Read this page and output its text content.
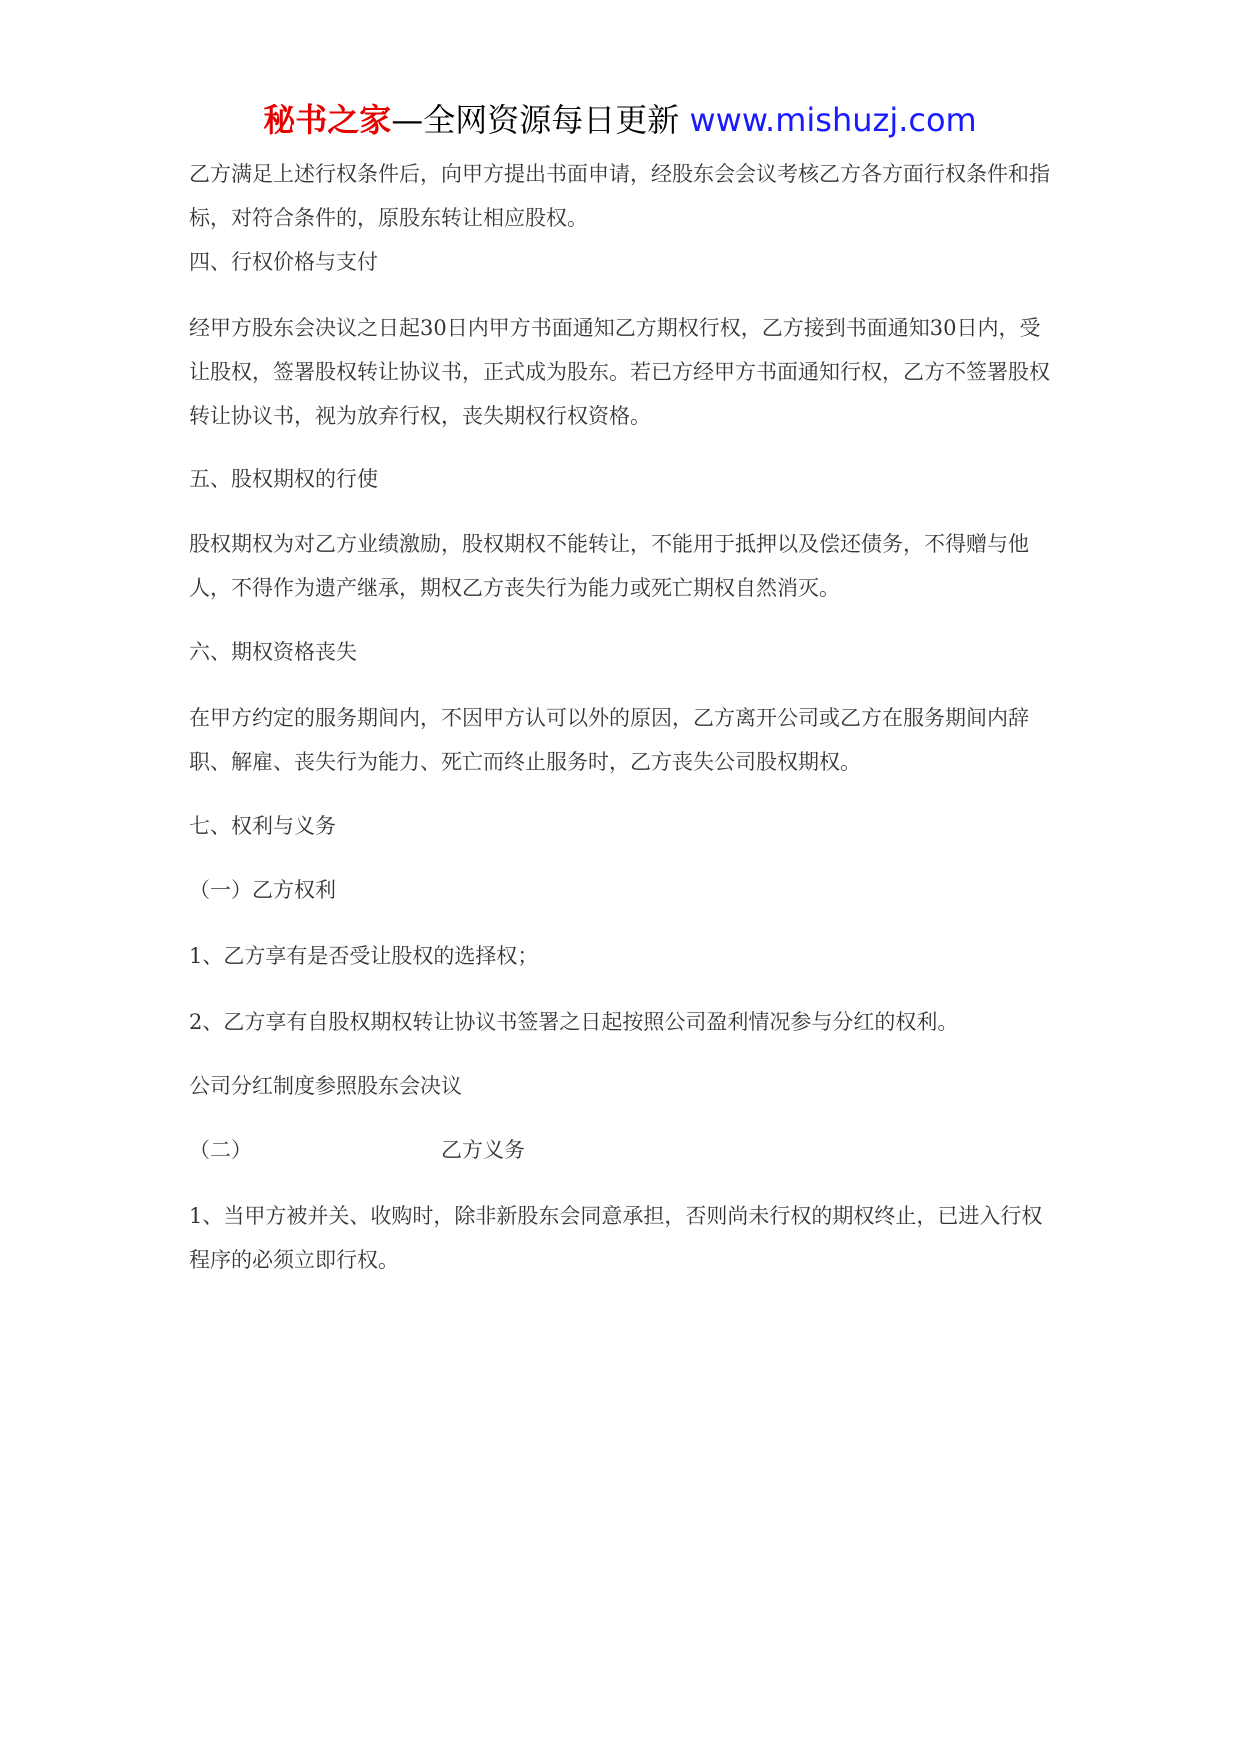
秘书之家—全网资源每日更新 www.mishuzj.com

乙方满足上述行权条件后，向甲方提出书面申请，经股东会会议考核乙方各方面行权条件和指标，对符合条件的，原股东转让相应股权。

四、行权价格与支付

经甲方股东会决议之日起30日内甲方书面通知乙方期权行权，乙方接到书面通知30日内，受让股权，签署股权转让协议书，正式成为股东。若已方经甲方书面通知行权，乙方不签署股权转让协议书，视为放弃行权，丧失期权行权资格。

五、股权期权的行使

股权期权为对乙方业绩激励，股权期权不能转让，不能用于抵押以及偿还债务，不得赠与他人，不得作为遗产继承，期权乙方丧失行为能力或死亡期权自然消灭。

六、期权资格丧失

在甲方约定的服务期间内，不因甲方认可以外的原因，乙方离开公司或乙方在服务期间内辞职、解雇、丧失行为能力、死亡而终止服务时，乙方丧失公司股权期权。

七、权利与义务

（一）乙方权利

1、乙方享有是否受让股权的选择权；

2、乙方享有自股权期权转让协议书签署之日起按照公司盈利情况参与分红的权利。

公司分红制度参照股东会决议

（二）	乙方义务

1、当甲方被并关、收购时，除非新股东会同意承担，否则尚未行权的期权终止，已进入行权程序的必须立即行权。
